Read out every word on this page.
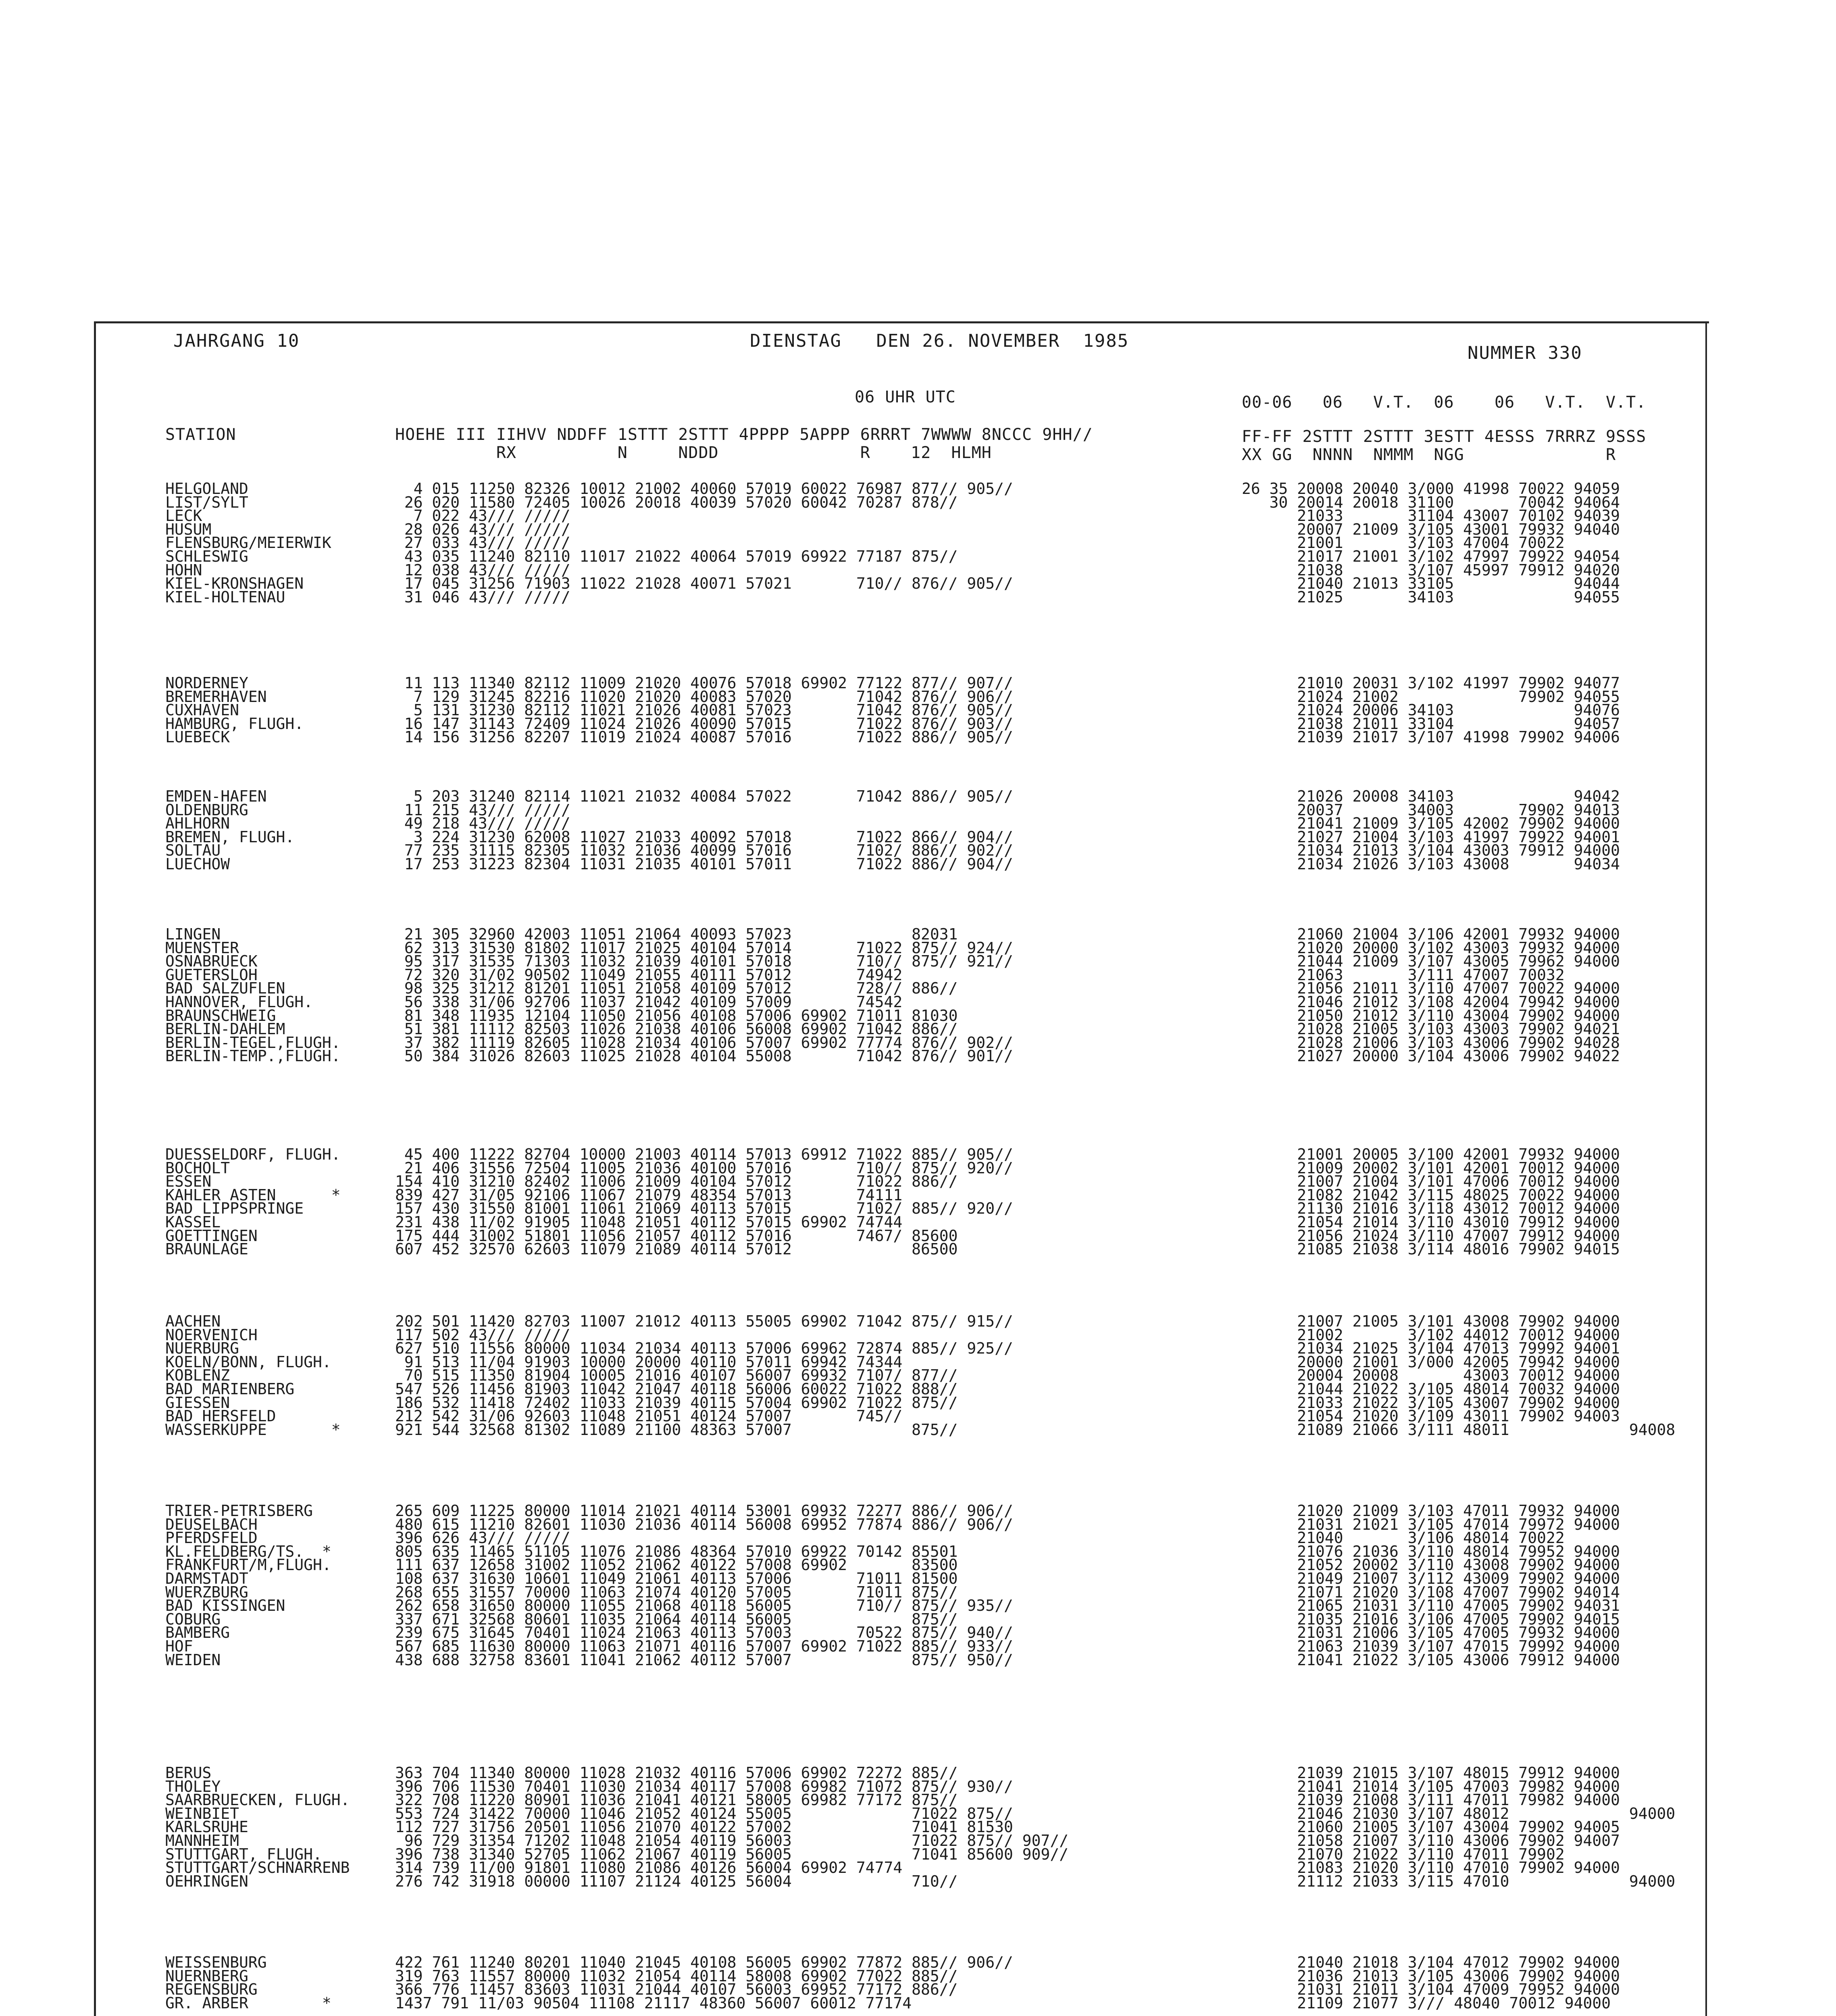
JAHRGANG 10	DIENSTAG   DEN 26. NOVEMBER  1985
NUMMER 330
06 UHR UTC
STATION	HOEHE III IIHVV NDDFF 1STTT 2STTT 4PPPP 5APPP 6RRRT 7WWWW 8NCCC 9HH//
RX          N     NDDD              R    12  HLMH
00-06   06   V.T.  06    06   V.T.  V.T.
FF-FF 2STTT 2STTT 3ESTT 4ESSS 7RRRZ 9SSS
XX GG  NNNN  NMMM  NGG              R
HELGOLAND	4 015 11250 82326 10012 21002 40060 57019 60022 76987 877// 905//	26 35 20008 20040 3/000 41998 70022 94059
LIST/SYLT	26 020 11580 72405 10026 20018 40039 57020 60042 70287 878//	30 20014 20018 31100       70042 94064
LECK	7 022 43/// /////	21033       31104 43007 70102 94039
HUSUM	28 026 43/// /////	20007 21009 3/105 43001 79932 94040
FLENSBURG/MEIERWIK	27 033 43/// /////	21001       3/103 47004 70022
SCHLESWIG	43 035 11240 82110 11017 21022 40064 57019 69922 77187 875//	21017 21001 3/102 47997 79922 94054
HOHN	12 038 43/// /////	21038       3/107 45997 79912 94020
KIEL-KRONSHAGEN	17 045 31256 71903 11022 21028 40071 57021       710// 876// 905//	21040 21013 33105             94044
KIEL-HOLTENAU	31 046 43/// /////	21025       34103             94055
NORDERNEY	11 113 11340 82112 11009 21020 40076 57018 69902 77122 877// 907//	21010 20031 3/102 41997 79902 94077
BREMERHAVEN	7 129 31245 82216 11020 21020 40083 57020       71042 876// 906//	21024 21002             79902 94055
CUXHAVEN	5 131 31230 82112 11021 21026 40081 57023       71042 876// 905//	21024 20006 34103             94076
HAMBURG, FLUGH.	16 147 31143 72409 11024 21026 40090 57015       71022 876// 903//	21038 21011 33104             94057
LUEBECK	14 156 31256 82207 11019 21024 40087 57016       71022 886// 905//	21039 21017 3/107 41998 79902 94006
EMDEN-HAFEN	5 203 31240 82114 11021 21032 40084 57022       71042 886// 905//	21026 20008 34103             94042
OLDENBURG	11 215 43/// /////	20037       34003       79902 94013
AHLHORN	49 218 43/// /////	21041 21009 3/105 42002 79902 94000
BREMEN, FLUGH.	3 224 31230 62008 11027 21033 40092 57018       71022 866// 904//	21027 21004 3/103 41997 79922 94001
SOLTAU	77 235 31115 82305 11032 21036 40099 57016       7102/ 886// 902//	21034 21013 3/104 43003 79912 94000
LUECHOW	17 253 31223 82304 11031 21035 40101 57011       71022 886// 904//	21034 21026 3/103 43008       94034
LINGEN	21 305 32960 42003 11051 21064 40093 57023             82031	21060 21004 3/106 42001 79932 94000
MUENSTER	62 313 31530 81802 11017 21025 40104 57014       71022 875// 924//	21020 20000 3/102 43003 79932 94000
OSNABRUECK	95 317 31535 71303 11032 21039 40101 57018       710// 875// 921//	21044 21009 3/107 43005 79962 94000
GUETERSLOH	72 320 31/02 90502 11049 21055 40111 57012       74942	21063       3/111 47007 70032
BAD SALZUFLEN	98 325 31212 81201 11051 21058 40109 57012       728// 886//	21056 21011 3/110 47007 70022 94000
HANNOVER, FLUGH.	56 338 31/06 92706 11037 21042 40109 57009       74542	21046 21012 3/108 42004 79942 94000
BRAUNSCHWEIG	81 348 11935 12104 11050 21056 40108 57006 69902 71011 81030	21050 21012 3/110 43004 79902 94000
BERLIN-DAHLEM	51 381 11112 82503 11026 21038 40106 56008 69902 71042 886//	21028 21005 3/103 43003 79902 94021
BERLIN-TEGEL,FLUGH.	37 382 11119 82605 11028 21034 40106 57007 69902 77774 876// 902//	21028 21006 3/103 43006 79902 94028
BERLIN-TEMP.,FLUGH.	50 384 31026 82603 11025 21028 40104 55008       71042 876// 901//	21027 20000 3/104 43006 79902 94022
DUESSELDORF, FLUGH.	45 400 11222 82704 10000 21003 40114 57013 69912 71022 885// 905//	21001 20005 3/100 42001 79932 94000
BOCHOLT	21 406 31556 72504 11005 21036 40100 57016       710// 875// 920//	21009 20002 3/101 42001 70012 94000
ESSEN	154 410 31210 82402 11006 21009 40104 57012       71022 886//	21007 21004 3/101 47006 70012 94000
KAHLER ASTEN      *	839 427 31/05 92106 11067 21079 48354 57013       74111	21082 21042 3/115 48025 70022 94000
BAD LIPPSPRINGE	157 430 31550 81001 11061 21069 40113 57015       7102/ 885// 920//	21130 21016 3/118 43012 70012 94000
KASSEL	231 438 11/02 91905 11048 21051 40112 57015 69902 74744	21054 21014 3/110 43010 79912 94000
GOETTINGEN	175 444 31002 51801 11056 21057 40112 57016       7467/ 85600	21056 21024 3/110 47007 79912 94000
BRAUNLAGE	607 452 32570 62603 11079 21089 40114 57012             86500	21085 21038 3/114 48016 79902 94015
AACHEN	202 501 11420 82703 11007 21012 40113 55005 69902 71042 875// 915//	21007 21005 3/101 43008 79902 94000
NOERVENICH	117 502 43/// /////	21002       3/102 44012 70012 94000
NUERBURG	627 510 11556 80000 11034 21034 40113 57006 69962 72874 885// 925//	21034 21025 3/104 47013 79992 94001
KOELN/BONN, FLUGH.	91 513 11/04 91903 10000 20000 40110 57011 69942 74344	20000 21001 3/000 42005 79942 94000
KOBLENZ	70 515 11350 81904 10005 21016 40107 56007 69932 7107/ 877//	20004 20008       43003 70012 94000
BAD MARIENBERG	547 526 11456 81903 11042 21047 40118 56006 60022 71022 888//	21044 21022 3/105 48014 70032 94000
GIESSEN	186 532 11418 72402 11033 21039 40115 57004 69902 71022 875//	21033 21022 3/105 43007 79902 94000
BAD HERSFELD	212 542 31/06 92603 11048 21051 40124 57007       745//	21054 21020 3/109 43011 79902 94003
WASSERKUPPE       *	921 544 32568 81302 11089 21100 48363 57007             875//	21089 21066 3/111 48011             94008
TRIER-PETRISBERG	265 609 11225 80000 11014 21021 40114 53001 69932 72277 886// 906//	21020 21009 3/103 47011 79932 94000
DEUSELBACH	480 615 11210 82601 11030 21036 40114 56008 69952 77874 886// 906//	21031 21021 3/105 47014 79972 94000
PFERDSFELD	396 626 43/// /////	21040       3/106 48014 70022
KL.FELDBERG/TS.  *	805 635 11465 51105 11076 21086 48364 57010 69922 70142 85501	21076 21036 3/110 48014 79952 94000
FRANKFURT/M,FLUGH.	111 637 12658 31002 11052 21062 40122 57008 69902       83500	21052 20002 3/110 43008 79902 94000
DARMSTADT	108 637 31630 10601 11049 21061 40113 57006       71011 81500	21049 21007 3/112 43009 79902 94000
WUERZBURG	268 655 31557 70000 11063 21074 40120 57005       71011 875//	21071 21020 3/108 47007 79902 94014
BAD KISSINGEN	262 658 31650 80000 11055 21068 40118 56005       710// 875// 935//	21065 21031 3/110 47005 79902 94031
COBURG	337 671 32568 80601 11035 21064 40114 56005             875//	21035 21016 3/106 47005 79902 94015
BAMBERG	239 675 31645 70401 11024 21063 40113 57003       70522 875// 940//	21031 21006 3/105 47005 79932 94000
HOF	567 685 11630 80000 11063 21071 40116 57007 69902 71022 885// 933//	21063 21039 3/107 47015 79992 94000
WEIDEN	438 688 32758 83601 11041 21062 40112 57007             875// 950//	21041 21022 3/105 43006 79912 94000
BERUS	363 704 11340 80000 11028 21032 40116 57006 69902 72272 885//	21039 21015 3/107 48015 79912 94000
THOLEY	396 706 11530 70401 11030 21034 40117 57008 69982 71072 875// 930//	21041 21014 3/105 47003 79982 94000
SAARBRUECKEN, FLUGH.	322 708 11220 80901 11036 21041 40121 58005 69982 77172 875//	21039 21008 3/111 47011 79982 94000
WEINBIET	553 724 31422 70000 11046 21052 40124 55005             71022 875//	21046 21030 3/107 48012             94000
KARLSRUHE	112 727 31756 20501 11056 21070 40122 57002             71041 81530	21060 21005 3/107 43004 79902 94005
MANNHEIM	96 729 31354 71202 11048 21054 40119 56003             71022 875// 907//	21058 21007 3/110 43006 79902 94007
STUTTGART, FLUGH.	396 738 31340 52705 11062 21067 40119 56005             71041 85600 909//	21070 21022 3/110 47011 79902
STUTTGART/SCHNARRENB	314 739 11/00 91801 11080 21086 40126 56004 69902 74774	21083 21020 3/110 47010 79902 94000
OEHRINGEN	276 742 31918 00000 11107 21124 40125 56004             710//	21112 21033 3/115 47010             94000
WEISSENBURG	422 761 11240 80201 11040 21045 40108 56005 69902 77872 885// 906//	21040 21018 3/104 47012 79902 94000
NUERNBERG	319 763 11557 80000 11032 21054 40114 58008 69902 77022 885//	21036 21013 3/105 43006 79902 94000
REGENSBURG	366 776 11457 83603 11031 21044 40107 56003 69952 77172 886//	21031 21011 3/104 47009 79952 94000
GR. ARBER        *	1437 791 11/03 90504 11108 21117 48360 56007 60012 77174	21109 21077 3/// 48040 70012 94000
